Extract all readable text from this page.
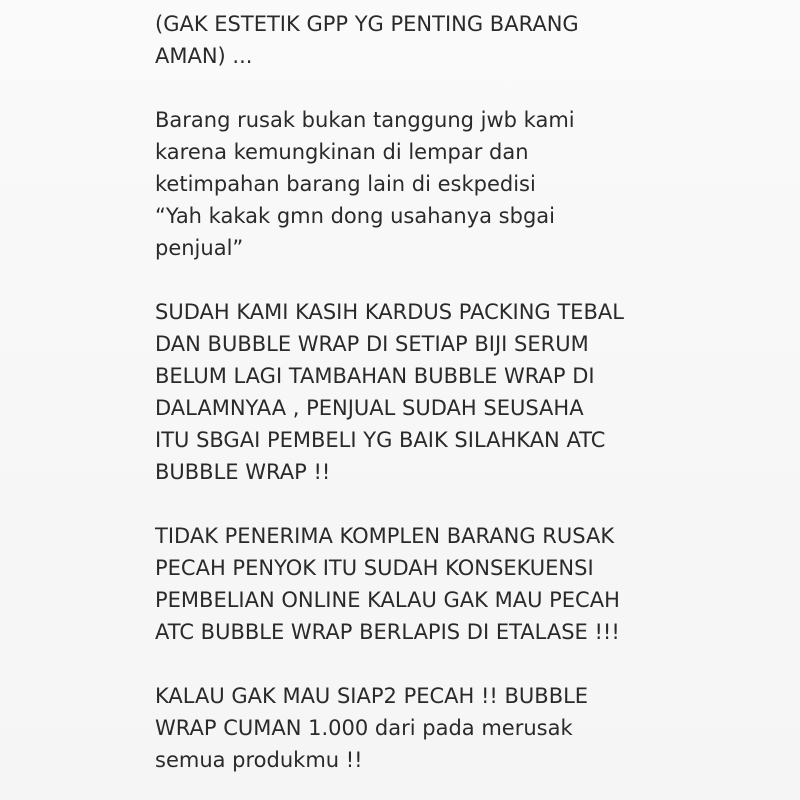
(GAK ESTETIK GPP YG PENTING BARANG
AMAN) ...
Barang rusak bukan tanggung jwb kami
karena kemungkinan di lempar dan
ketimpahan barang lain di eskpedisi
“Yah kakak gmn dong usahanya sbgai
penjual”
SUDAH KAMI KASIH KARDUS PACKING TEBAL
DAN BUBBLE WRAP DI SETIAP BIJI SERUM
BELUM LAGI TAMBAHAN BUBBLE WRAP DI
DALAMNYAA , PENJUAL SUDAH SEUSAHA
ITU SBGAI PEMBELI YG BAIK SILAHKAN ATC
BUBBLE WRAP !!
TIDAK PENERIMA KOMPLEN BARANG RUSAK
PECAH PENYOK ITU SUDAH KONSEKUENSI
PEMBELIAN ONLINE KALAU GAK MAU PECAH
ATC BUBBLE WRAP BERLAPIS DI ETALASE !!!
KALAU GAK MAU SIAP2 PECAH !! BUBBLE
WRAP CUMAN 1.000 dari pada merusak
semua produkmu !!
